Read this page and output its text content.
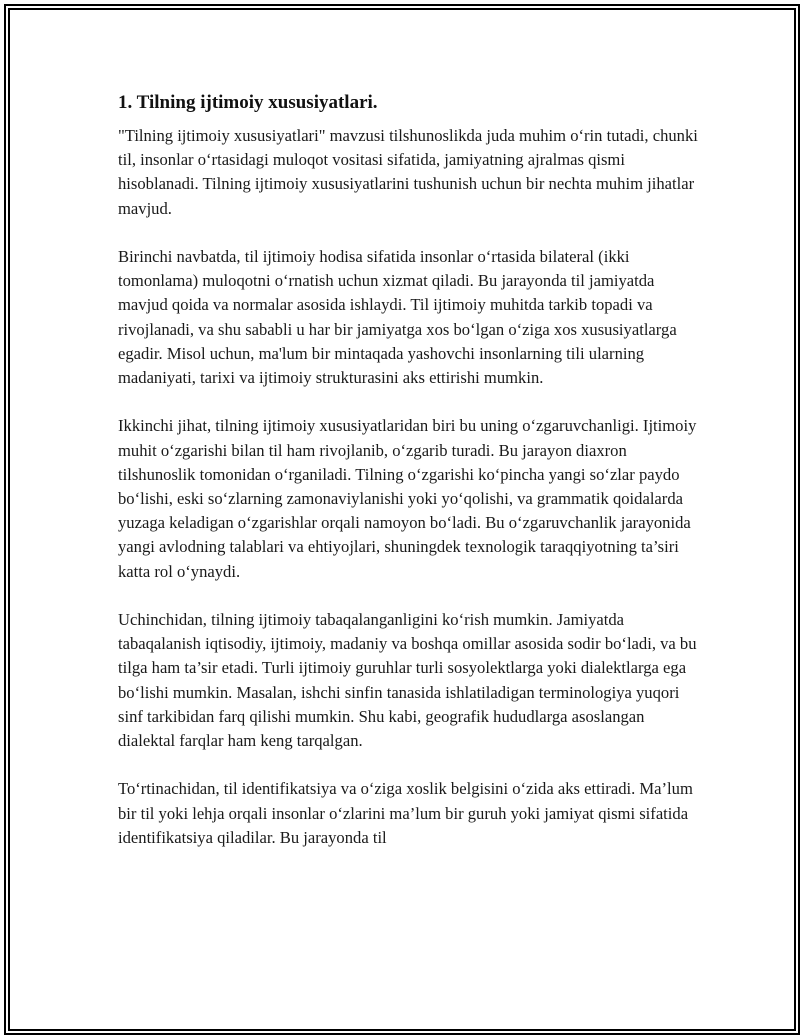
1. Tilning ijtimoiy xususiyatlari.

"Tilning ijtimoiy xususiyatlari" mavzusi tilshunoslikda juda muhim o‘rin tutadi, chunki til, insonlar o‘rtasidagi muloqot vositasi sifatida, jamiyatning ajralmas qismi hisoblanadi. Tilning ijtimoiy xususiyatlarini tushunish uchun bir nechta muhim jihatlar mavjud.

Birinchi navbatda, til ijtimoiy hodisa sifatida insonlar o‘rtasida bilateral (ikki tomonlama) muloqotni o‘rnatish uchun xizmat qiladi. Bu jarayonda til jamiyatda mavjud qoida va normalar asosida ishlaydi. Til ijtimoiy muhitda tarkib topadi va rivojlanadi, va shu sababli u har bir jamiyatga xos bo‘lgan o‘ziga xos xususiyatlarga egadir. Misol uchun, ma'lum bir mintaqada yashovchi insonlarning tili ularning madaniyati, tarixi va ijtimoiy strukturasini aks ettirishi mumkin.

Ikkinchi jihat, tilning ijtimoiy xususiyatlaridan biri bu uning o‘zgaruvchanligi. Ijtimoiy muhit o‘zgarishi bilan til ham rivojlanib, o‘zgarib turadi. Bu jarayon diaxron tilshunoslik tomonidan o‘rganiladi. Tilning o‘zgarishi ko‘pincha yangi so‘zlar paydo bo‘lishi, eski so‘zlarning zamonaviylanishi yoki yo‘qolishi, va grammatik qoidalarda yuzaga keladigan o‘zgarishlar orqali namoyon bo‘ladi. Bu o‘zgaruvchanlik jarayonida yangi avlodning talablari va ehtiyojlari, shuningdek texnologik taraqqiyotning ta’siri katta rol o‘ynaydi.

Uchinchidan, tilning ijtimoiy tabaqalanganligini ko‘rish mumkin. Jamiyatda tabaqalanish iqtisodiy, ijtimoiy, madaniy va boshqa omillar asosida sodir bo‘ladi, va bu tilga ham ta’sir etadi. Turli ijtimoiy guruhlar turli sosyolektlarga yoki dialektlarga ega bo‘lishi mumkin. Masalan, ishchi sinfin tanasida ishlatiladigan terminologiya yuqori sinf tarkibidan farq qilishi mumkin. Shu kabi, geografik hududlarga asoslangan dialektal farqlar ham keng tarqalgan.

To‘rtinachidan, til identifikatsiya va o‘ziga xoslik belgisini o‘zida aks ettiradi. Ma’lum bir til yoki lehja orqali insonlar o‘zlarini ma’lum bir guruh yoki jamiyat qismi sifatida identifikatsiya qiladilar. Bu jarayonda til
